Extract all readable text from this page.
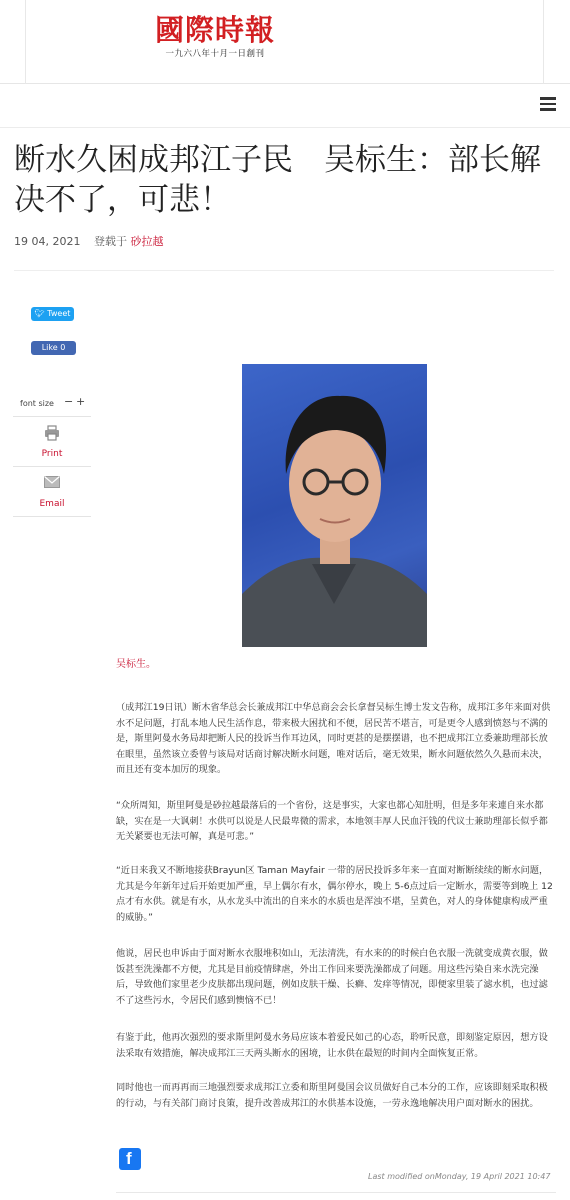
國際時報
一九六八年十月一日創刊
断水久困成邦江子民　吴标生：部长解决不了，可悲！
19 04, 2021 登载于 砂拉越
🐦︎ Tweet
Like 0
font size − +
Print
Email
吴标生。

（成邦江19日讯）断木省华总会长兼成邦江中华总商会会长拿督吴标生博士发文告称，成邦江多年来面对供水不足问题，打乱本地人民生活作息，带来极大困扰和不便，居民苦不堪言，可是更令人感到愤怒与不满的是，斯里阿曼水务局却把断人民的投诉当作耳边风，同时更甚的是摆摆谱，也不把成邦江立委兼助理部长放在眼里，虽然该立委曾与该局对话商讨解决断水问题，唯对话后，毫无效果，断水问题依然久久悬而未决，而且还有变本加厉的现象。

“众所周知，斯里阿曼是砂拉越最落后的一个省份，这是事实，大家也都心知肚明，但是多年来連自来水都缺，实在是一大讽刺！水供可以说是人民最卑微的需求，本地领丰厚人民血汗钱的代议士兼助理部长似乎都无关紧要也无法可解，真是可悲。”

“近日来我又不断地接获Brayun区 Taman Mayfair 一带的居民投诉多年来一直面对断断续续的断水问题，尤其是今年新年过后开始更加严重，早上偶尔有水，偶尔停水，晚上 5-6点过后一定断水，需要等到晚上 12点才有水供。就是有水，从水龙头中流出的自来水的水质也是浑浊不堪，呈黄色，对人的身体健康构成严重的威胁。”

他说，居民也申诉由于面对断水衣服堆积如山，无法清洗，有水来的的时候白色衣服一洗就变成黄衣服，做饭甚至洗澡都不方便，尤其是目前疫情肆虐，外出工作回来要洗澡都成了问题。用这些污染自来水洗完澡后，导致他们家里老少皮肤都出现问题，例如皮肤干燥、长癣、发痒等情况，即便家里装了滤水机，也过滤不了这些污水，令居民们感到懊恼不已！

有鉴于此，他再次强烈的要求斯里阿曼水务局应该本着爱民如己的心态，聆听民意，即刻鉴定原因，想方设法采取有效措施，解决成邦江三天两头断水的困境，让水供在最短的时间内全面恢复正常。

同时他也一而再再而三地强烈要求成邦江立委和斯里阿曼国会议员做好自己本分的工作，应该即刻采取积极的行动，与有关部门商讨良策，提升改善成邦江的水供基本设施，一劳永逸地解决用户面对断水的困扰。

f
Last modified onMonday, 19 April 2021 10:47
